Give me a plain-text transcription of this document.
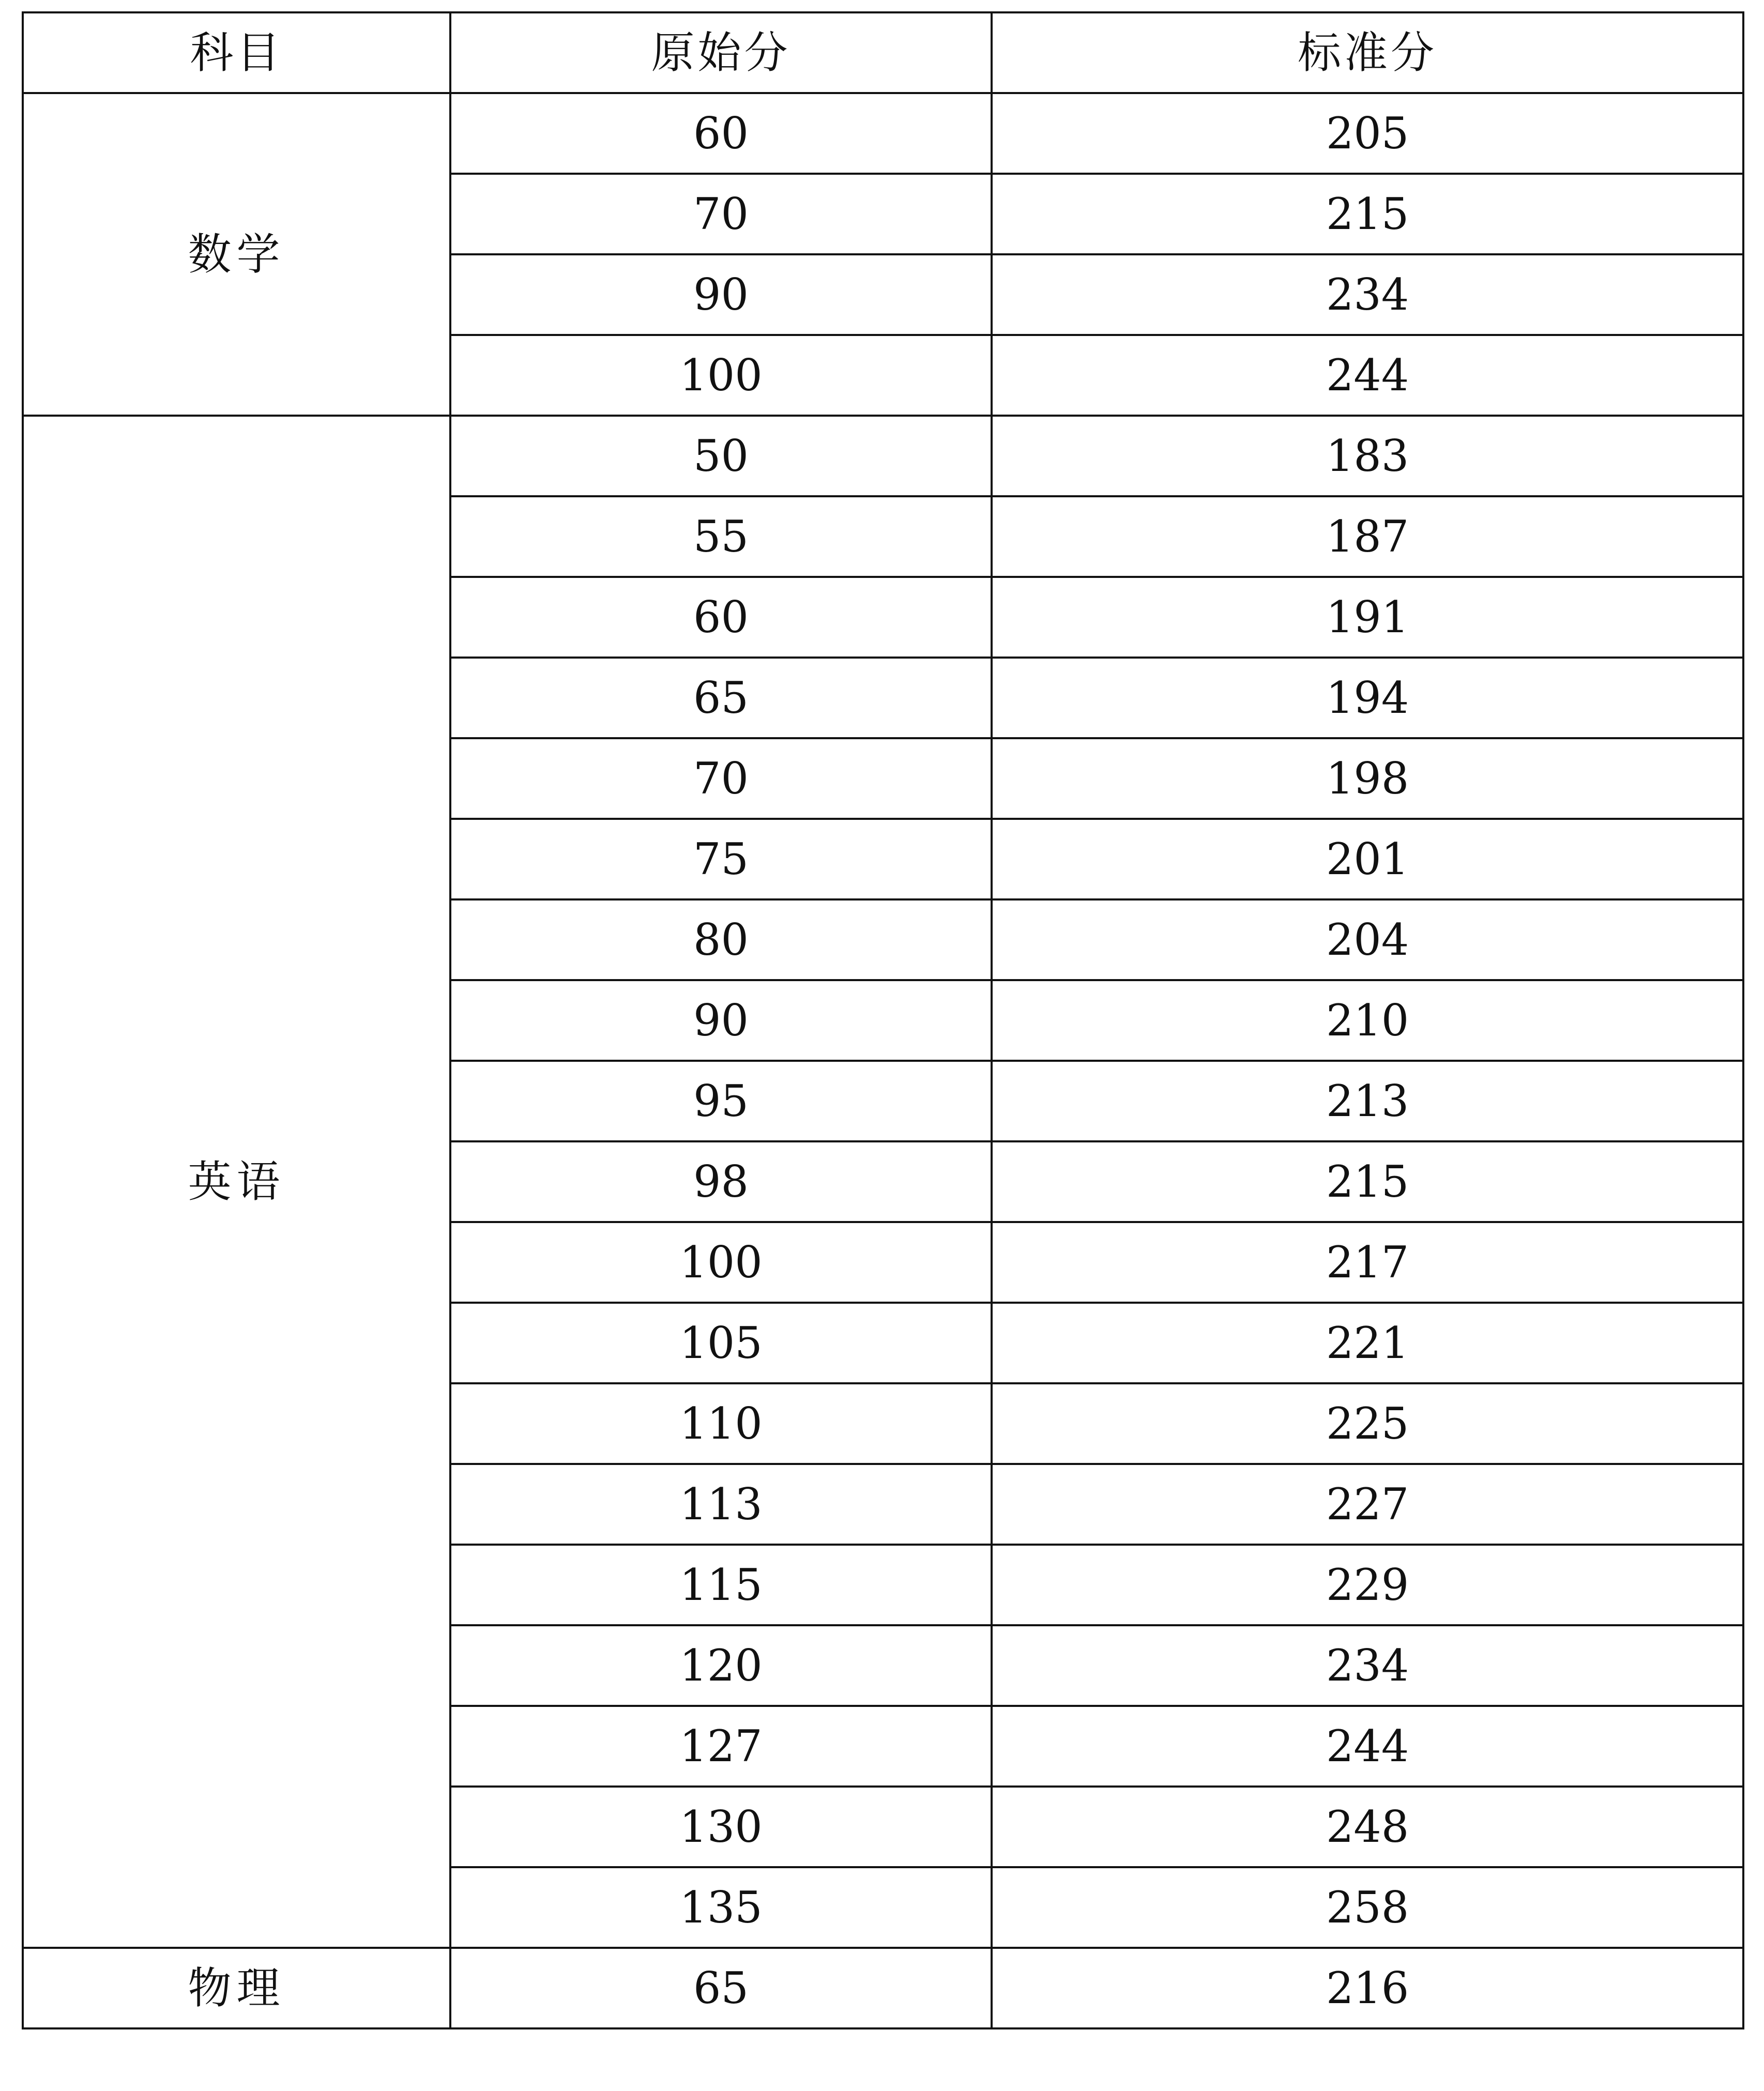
科目	原始分	标准分
数学	60	205
	70	215
	90	234
	100	244
英语	50	183
	55	187
	60	191
	65	194
	70	198
	75	201
	80	204
	90	210
	95	213
	98	215
	100	217
	105	221
	110	225
	113	227
	115	229
	120	234
	127	244
	130	248
	135	258
物理	65	216
